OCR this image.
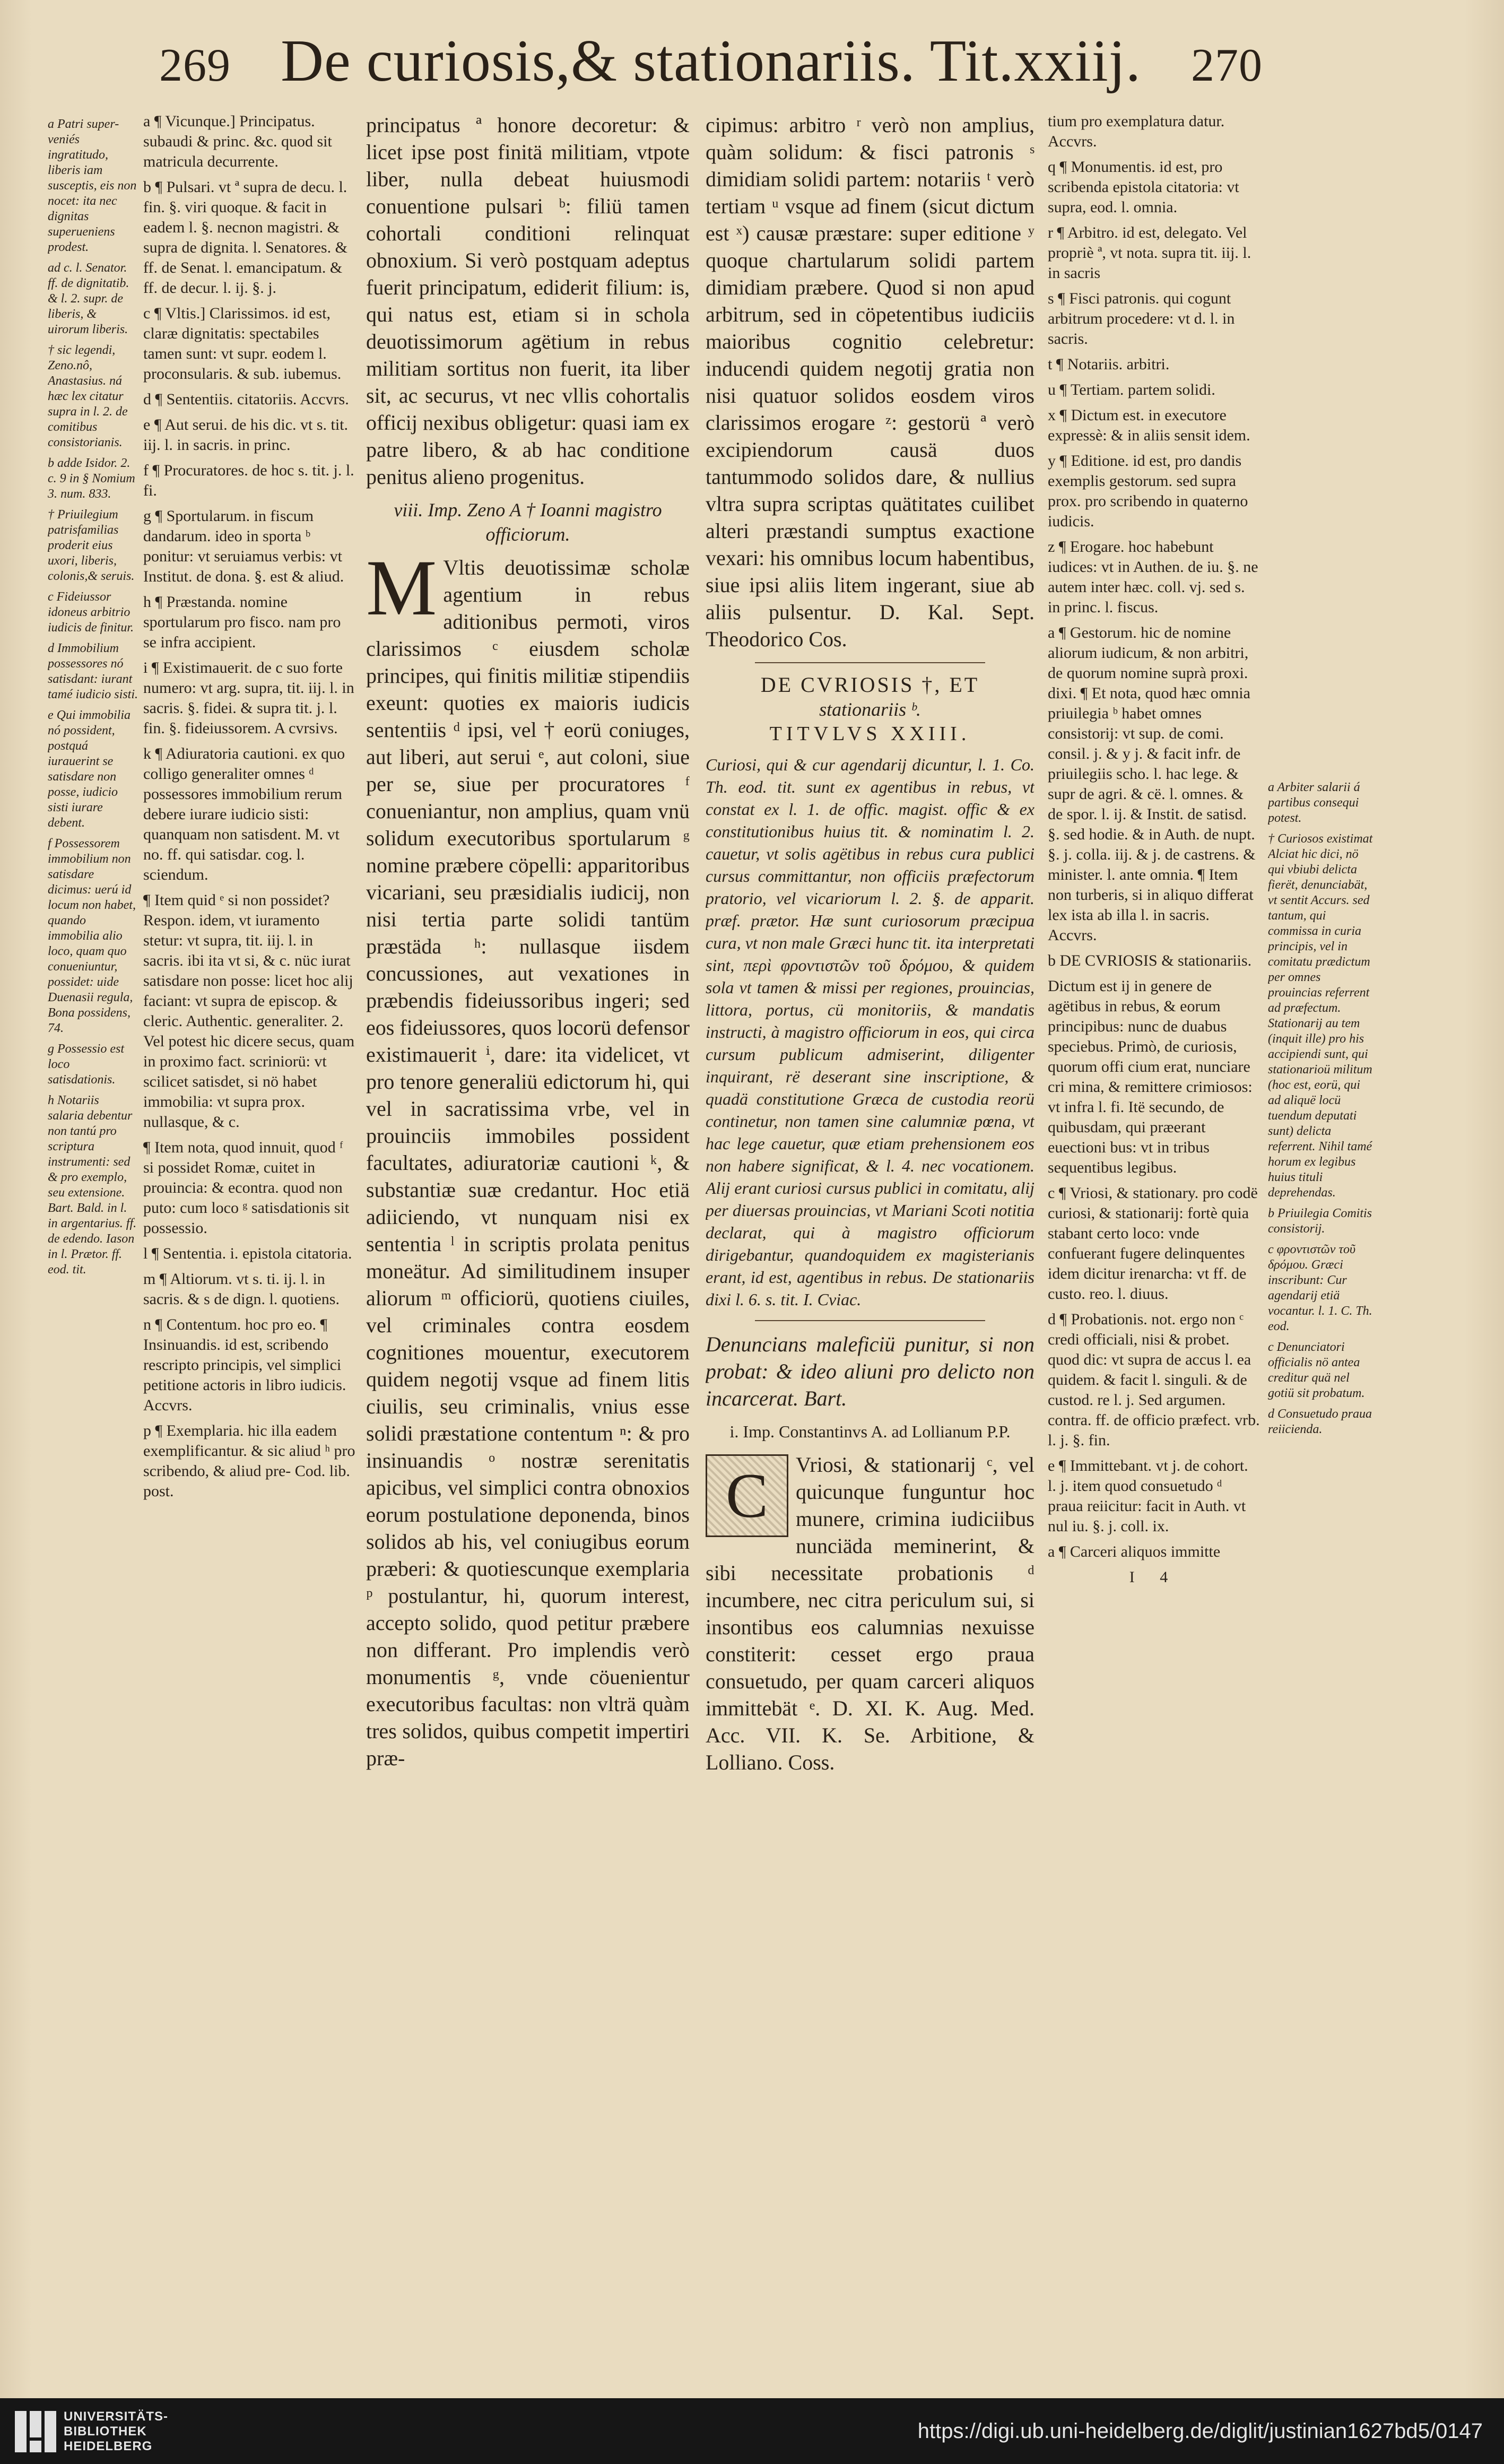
269 De curiosis,& stationariis. Tit.xxiij. 270

a Patri super-veniés ingratitudo, liberis iam susceptis, eis non nocet: ita nec dignitas superueniens prodest.

ad c. l. Senator. ff. de dignitatib. & l. 2. supr. de liberis, & uirorum liberis.

† sic legendi, Zeno.nô, Anastasius. ná hæc lex citatur supra in l. 2. de comitibus consistorianis.

b adde Isidor. 2. c. 9 in § Nomium 3. num. 833.

† Priuilegium patrisfamilias proderit eius uxori, liberis, colonis,& seruis.

c Fideiussor idoneus arbitrio iudicis de finitur.

d Immobilium possessores nó satisdant: iurant tamé iudicio sisti.

e Qui immobilia nó possident, postquá iurauerint se satisdare non posse, iudicio sisti iurare debent.

f Possessorem immobilium non satisdare dicimus: uerú id locum non habet, quando immobilia alio loco, quam quo conueniuntur, possidet: uide Duenasii regula, Bona possidens, 74.

g Possessio est loco satisdationis.

h Notariis salaria debentur non tantú pro scriptura instrumenti: sed & pro exemplo, seu extensione. Bart. Bald. in l. in argentarius. ff. de edendo. Iason in l. Prætor. ff. eod. tit.

a ¶ Vicunque.] Principatus. subaudi & princ. &c. quod sit matricula decurrente.

b ¶ Pulsari. vt ª supra de decu. l. fin. §. viri quoque. & facit in eadem l. §. necnon magistri. & supra de dignita. l. Senatores. & ff. de Senat. l. emancipatum. & ff. de decur. l. ij. §. j.

c ¶ Vltis.] Clarissimos. id est, claræ dignitatis: spectabiles tamen sunt: vt supr. eodem l. proconsularis. & sub. iubemus.

d ¶ Sententiis. citatoriis. Accvrs.

e ¶ Aut serui. de his dic. vt s. tit. iij. l. in sacris. in princ.

f ¶ Procuratores. de hoc s. tit. j. l. fi.

g ¶ Sportularum. in fiscum dandarum. ideo in sporta ᵇ ponitur: vt seruiamus verbis: vt Institut. de dona. §. est & aliud.

h ¶ Præstanda. nomine sportularum pro fisco. nam pro se infra accipient.

i ¶ Existimauerit. de c suo forte numero: vt arg. supra, tit. iij. l. in sacris. §. fidei. & supra tit. j. l. fin. §. fideiussorem. A cvrsivs.

k ¶ Adiuratoria cautioni. ex quo colligo generaliter omnes ᵈ possessores immobilium rerum debere iurare iudicio sisti: quanquam non satisdent. M. vt no. ff. qui satisdar. cog. l. sciendum.

¶ Item quid ᵉ si non possidet? Respon. idem, vt iuramento stetur: vt supra, tit. iij. l. in sacris. ibi ita vt si, & c. nüc iurat satisdare non posse: licet hoc alij faciant: vt supra de episcop. & cleric. Authentic. generaliter. 2. Vel potest hic dicere secus, quam in proximo fact. scriniorü: vt scilicet satisdet, si nö habet immobilia: vt supra prox. nullasque, & c.

¶ Item nota, quod innuit, quod ᶠ si possidet Romæ, cuitet in prouincia: & econtra. quod non puto: cum loco ᵍ satisdationis sit possessio.

l ¶ Sententia. i. epistola citatoria.

m ¶ Altiorum. vt s. ti. ij. l. in sacris. & s de dign. l. quotiens.

n ¶ Contentum. hoc pro eo. ¶ Insinuandis. id est, scribendo rescripto principis, vel simplici petitione actoris in libro iudicis. Accvrs.

p ¶ Exemplaria. hic illa eadem exemplificantur. & sic aliud ʰ pro scribendo, & aliud pre- Cod. lib. post.

principatus ª honore decoretur: & licet ipse post finitä militiam, vtpote liber, nulla debeat huiusmodi conuentione pulsari ᵇ: filiü tamen cohortali conditioni relinquat obnoxium. Si verò postquam adeptus fuerit principatum, ediderit filium: is, qui natus est, etiam si in schola deuotissimorum agëtium in rebus militiam sortitus non fuerit, ita liber sit, ac securus, vt nec vllis cohortalis officij nexibus obligetur: quasi iam ex patre libero, & ab hac conditione penitus alieno progenitus.

viii. Imp. Zeno A † Ioanni magistro officiorum.

M Vltis deuotissimæ scholæ agentium in rebus aditionibus permoti, viros clarissimos ᶜ eiusdem scholæ principes, qui finitis militiæ stipendiis exeunt: quoties ex maioris iudicis sententiis ᵈ ipsi, vel † eorü coniuges, aut liberi, aut serui ᵉ, aut coloni, siue per se, siue per procuratores ᶠ conueniantur, non amplius, quam vnü solidum executoribus sportularum ᵍ nomine præbere cöpelli: apparitoribus vicariani, seu præsidialis iudicij, non nisi tertia parte solidi tantüm præstäda ʰ: nullasque iisdem concussiones, aut vexationes in præbendis fideiussoribus ingeri; sed eos fideiussores, quos locorü defensor existimauerit ⁱ, dare: ita videlicet, vt pro tenore generaliü edictorum hi, qui vel in sacratissima vrbe, vel in prouinciis immobiles possident facultates, adiuratoriæ cautioni ᵏ, & substantiæ suæ credantur. Hoc etiä adiiciendo, vt nunquam nisi ex sententia ˡ in scriptis prolata penitus moneätur. Ad similitudinem insuper aliorum ᵐ officiorü, quotiens ciuiles, vel criminales contra eosdem cognitiones mouentur, executorem quidem negotij vsque ad finem litis ciuilis, seu criminalis, vnius esse solidi præstatione contentum ⁿ: & pro insinuandis ᵒ nostræ serenitatis apicibus, vel simplici contra obnoxios eorum postulatione deponenda, binos solidos ab his, vel coniugibus eorum præberi: & quotiescunque exemplaria ᵖ postulantur, hi, quorum interest, accepto solido, quod petitur præbere non differant. Pro implendis verò monumentis ᵍ, vnde cöuenientur executoribus facultas: non vlträ quàm tres solidos, quibus competit impertiri præ-

cipimus: arbitro ʳ verò non amplius, quàm solidum: & fisci patronis ˢ dimidiam solidi partem: notariis ᵗ verò tertiam ᵘ vsque ad finem (sicut dictum est ˣ) causæ præstare: super editione ʸ quoque chartularum solidi partem dimidiam præbere. Quod si non apud arbitrum, sed in cöpetentibus iudiciis maioribus cognitio celebretur: inducendi quidem negotij gratia non nisi quatuor solidos eosdem viros clarissimos erogare ᶻ: gestorü ª verò excipiendorum causä duos tantummodo solidos dare, & nullius vltra supra scriptas quätitates cuilibet alteri præstandi sumptus exactione vexari: his omnibus locum habentibus, siue ipsi aliis litem ingerant, siue ab aliis pulsentur. D. Kal. Sept. Theodorico Cos.

DE CVRIOSIS †, ET
stationariis ᵇ.
TITVLVS XXIII.

Curiosi, qui & cur agendarij dicuntur, l. 1. Co. Th. eod. tit. sunt ex agentibus in rebus, vt constat ex l. 1. de offic. magist. offic & ex constitutionibus huius tit. & nominatim l. 2. cauetur, vt solis agëtibus in rebus cura publici cursus committantur, non officiis præfectorum pratorio, vel vicariorum l. 2. §. de apparit. præf. prætor. Hæ sunt curiosorum præcipua cura, vt non male Græci hunc tit. ita interpretati sint, περὶ φροντιστῶν τοῦ δρόμου, & quidem sola vt tamen & missi per regiones, prouincias, littora, portus, cü monitoriis, & mandatis instructi, à magistro officiorum in eos, qui circa cursum publicum admiserint, diligenter inquirant, rë deserant sine inscriptione, & quadä constitutione Græca de custodia reorü continetur, non tamen sine calumniæ pœna, vt hac lege cauetur, quæ etiam prehensionem eos non habere significat, & l. 4. nec vocationem. Alij erant curiosi cursus publici in comitatu, alij per diuersas prouincias, vt Mariani Scoti notitia declarat, qui à magistro officiorum dirigebantur, quandoquidem ex magisterianis erant, id est, agentibus in rebus. De stationariis dixi l. 6. s. tit. I. Cviac.

Denuncians maleficiü punitur, si non probat: & ideo aliuni pro delicto non incarcerat. Bart.

i. Imp. Constantinvs A. ad Lollianum P.P.

C	Vriosi, & stationarij ᶜ, vel quicunque funguntur hoc munere, crimina iudiciibus nunciäda meminerint, & sibi necessitate probationis ᵈ incumbere, nec citra periculum sui, si insontibus eos calumnias nexuisse constiterit: cesset ergo praua consuetudo, per quam carceri aliquos immittebät ᵉ. D. XI. K. Aug. Med. Acc. VII. K. Se. Arbitione, & Lolliano. Coss.

tium pro exemplatura datur. Accvrs.

q ¶ Monumentis. id est, pro scribenda epistola citatoria: vt supra, eod. l. omnia.

r ¶ Arbitro. id est, delegato. Vel propriè ª, vt nota. supra tit. iij. l. in sacris

s ¶ Fisci patronis. qui cogunt arbitrum procedere: vt d. l. in sacris.

t ¶ Notariis. arbitri.

u ¶ Tertiam. partem solidi.

x ¶ Dictum est. in executore expressè: & in aliis sensit idem.

y ¶ Editione. id est, pro dandis exemplis gestorum. sed supra prox. pro scribendo in quaterno iudicis.

z ¶ Erogare. hoc habebunt iudices: vt in Authen. de iu. §. ne autem inter hæc. coll. vj. sed s. in princ. l. fiscus.

a ¶ Gestorum. hic de nomine aliorum iudicum, & non arbitri, de quorum nomine suprà proxi. dixi. ¶ Et nota, quod hæc omnia priuilegia ᵇ habet omnes consistorij: vt sup. de comi. consil. j. & y j. & facit infr. de priuilegiis scho. l. hac lege. & supr de agri. & cë. l. omnes. & de spor. l. ij. & Instit. de satisd. §. sed hodie. & in Auth. de nupt. §. j. colla. iij. & j. de castrens. & minister. l. ante omnia. ¶ Item non turberis, si in aliquo differat lex ista ab illa l. in sacris. Accvrs.

b DE CVRIOSIS & stationariis.

Dictum est ij in genere de agëtibus in rebus, & eorum principibus: nunc de duabus speciebus. Primò, de curiosis, quorum offi cium erat, nunciare cri mina, & remittere crimiosos: vt infra l. fi. Itë secundo, de quibusdam, qui præerant euectioni bus: vt in tribus sequentibus legibus.

c ¶ Vriosi, & stationary. pro codë curiosi, & stationarij: fortè quia stabant certo loco: vnde confuerant fugere delinquentes idem dicitur irenarcha: vt ff. de custo. reo. l. diuus.

d ¶ Probationis. not. ergo non ᶜ credi officiali, nisi & probet. quod dic: vt supra de accus l. ea quidem. & facit l. singuli. & de custod. re l. j. Sed argumen. contra. ff. de officio præfect. vrb. l. j. §. fin.

e ¶ Immittebant. vt j. de cohort. l. j. item quod consuetudo ᵈ praua reiicitur: facit in Auth. vt nul iu. §. j. coll. ix.

a ¶ Carceri aliquos immitte

I 4

a Arbiter salarii á partibus consequi potest.

† Curiosos existimat Alciat hic dici, nö qui vbiubi delicta fierët, denunciabät, vt sentit Accurs. sed tantum, qui commissa in curia principis, vel in comitatu prædictum per omnes prouincias referrent ad præfectum. Stationarij au tem (inquit ille) pro his accipiendi sunt, qui stationarioü militum (hoc est, eorü, qui ad aliquë locü tuendum deputati sunt) delicta referrent. Nihil tamé horum ex legibus huius tituli deprehendas.

b Priuilegia Comitis consistorij.

c φροντιστῶν τοῦ δρόμου. Græci inscribunt: Cur agendarij etiä vocantur. l. 1. C. Th. eod.

c Denunciatori officialis nö antea creditur quä nel gotiü sit probatum.

d Consuetudo praua reiicienda.

UNIVERSITÄTS-
BIBLIOTHEK
HEIDELBERG
https://digi.ub.uni-heidelberg.de/diglit/justinian1627bd5/0147
